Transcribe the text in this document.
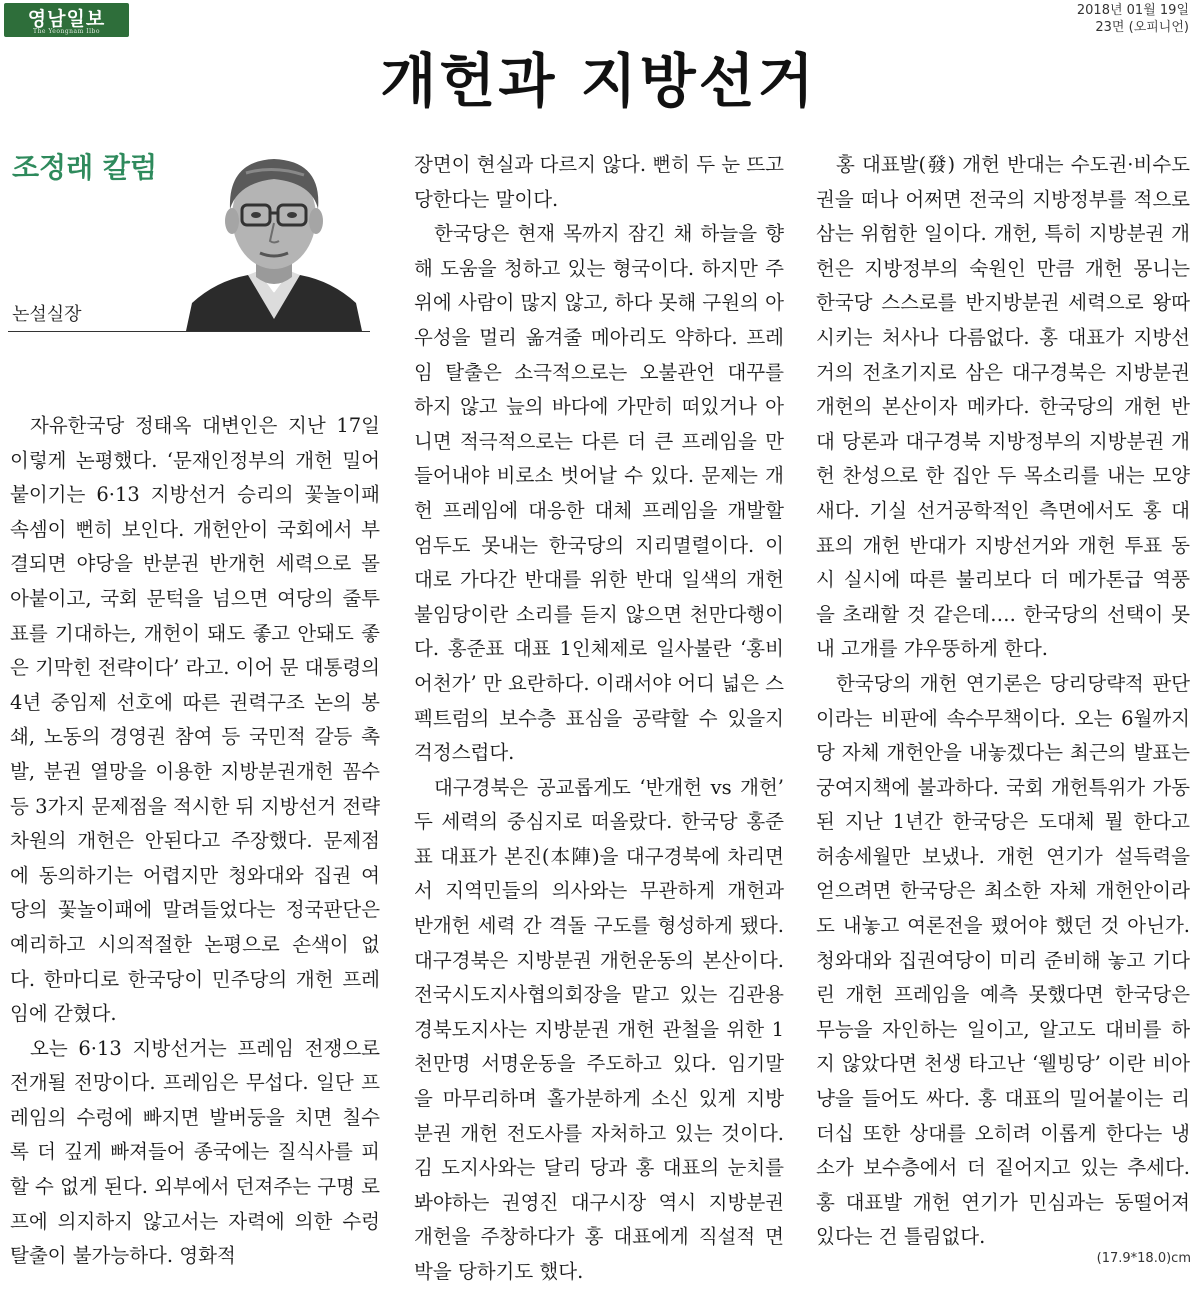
영남일보
The Yeongnam Ilbo
2018년 01월 19일
23면 (오피니언)
개헌과 지방선거
조정래 칼럼
논설실장

자유한국당 정태옥 대변인은 지난 17일 이렇게 논평했다. ‘문재인정부의 개헌 밀어붙이기는 6·13 지방선거 승리의 꽃놀이패 속셈이 뻔히 보인다. 개헌안이 국회에서 부결되면 야당을 반분권 반개헌 세력으로 몰아붙이고, 국회 문턱을 넘으면 여당의 줄투표를 기대하는, 개헌이 돼도 좋고 안돼도 좋은 기막힌 전략이다’ 라고. 이어 문 대통령의 4년 중임제 선호에 따른 권력구조 논의 봉쇄, 노동의 경영권 참여 등 국민적 갈등 촉발, 분권 열망을 이용한 지방분권개헌 꼼수 등 3가지 문제점을 적시한 뒤 지방선거 전략 차원의 개헌은 안된다고 주장했다. 문제점에 동의하기는 어렵지만 청와대와 집권 여당의 꽃놀이패에 말려들었다는 정국판단은 예리하고 시의적절한 논평으로 손색이 없다. 한마디로 한국당이 민주당의 개헌 프레임에 갇혔다.

오는 6·13 지방선거는 프레임 전쟁으로 전개될 전망이다. 프레임은 무섭다. 일단 프레임의 수렁에 빠지면 발버둥을 치면 칠수록 더 깊게 빠져들어 종국에는 질식사를 피할 수 없게 된다. 외부에서 던져주는 구명 로프에 의지하지 않고서는 자력에 의한 수렁 탈출이 불가능하다. 영화적

장면이 현실과 다르지 않다. 뻔히 두 눈 뜨고 당한다는 말이다.

한국당은 현재 목까지 잠긴 채 하늘을 향해 도움을 청하고 있는 형국이다. 하지만 주위에 사람이 많지 않고, 하다 못해 구원의 아우성을 멀리 옮겨줄 메아리도 약하다. 프레임 탈출은 소극적으로는 오불관언 대꾸를 하지 않고 늪의 바다에 가만히 떠있거나 아니면 적극적으로는 다른 더 큰 프레임을 만들어내야 비로소 벗어날 수 있다. 문제는 개헌 프레임에 대응한 대체 프레임을 개발할 엄두도 못내는 한국당의 지리멸렬이다. 이대로 가다간 반대를 위한 반대 일색의 개헌 불임당이란 소리를 듣지 않으면 천만다행이다. 홍준표 대표 1인체제로 일사불란 ‘홍비어천가’ 만 요란하다. 이래서야 어디 넓은 스펙트럼의 보수층 표심을 공략할 수 있을지 걱정스럽다.

대구경북은 공교롭게도 ‘반개헌 vs 개헌’ 두 세력의 중심지로 떠올랐다. 한국당 홍준표 대표가 본진(本陣)을 대구경북에 차리면서 지역민들의 의사와는 무관하게 개헌과 반개헌 세력 간 격돌 구도를 형성하게 됐다. 대구경북은 지방분권 개헌운동의 본산이다. 전국시도지사협의회장을 맡고 있는 김관용 경북도지사는 지방분권 개헌 관철을 위한 1천만명 서명운동을 주도하고 있다. 임기말을 마무리하며 홀가분하게 소신 있게 지방분권 개헌 전도사를 자처하고 있는 것이다. 김 도지사와는 달리 당과 홍 대표의 눈치를 봐야하는 권영진 대구시장 역시 지방분권 개헌을 주창하다가 홍 대표에게 직설적 면박을 당하기도 했다.

홍 대표발(發) 개헌 반대는 수도권·비수도권을 떠나 어쩌면 전국의 지방정부를 적으로 삼는 위험한 일이다. 개헌, 특히 지방분권 개헌은 지방정부의 숙원인 만큼 개헌 몽니는 한국당 스스로를 반지방분권 세력으로 왕따시키는 처사나 다름없다. 홍 대표가 지방선거의 전초기지로 삼은 대구경북은 지방분권 개헌의 본산이자 메카다. 한국당의 개헌 반대 당론과 대구경북 지방정부의 지방분권 개헌 찬성으로 한 집안 두 목소리를 내는 모양새다. 기실 선거공학적인 측면에서도 홍 대표의 개헌 반대가 지방선거와 개헌 투표 동시 실시에 따른 불리보다 더 메가톤급 역풍을 초래할 것 같은데…. 한국당의 선택이 못내 고개를 갸우뚱하게 한다.

한국당의 개헌 연기론은 당리당략적 판단이라는 비판에 속수무책이다. 오는 6월까지 당 자체 개헌안을 내놓겠다는 최근의 발표는 궁여지책에 불과하다. 국회 개헌특위가 가동된 지난 1년간 한국당은 도대체 뭘 한다고 허송세월만 보냈나. 개헌 연기가 설득력을 얻으려면 한국당은 최소한 자체 개헌안이라도 내놓고 여론전을 폈어야 했던 것 아닌가. 청와대와 집권여당이 미리 준비해 놓고 기다린 개헌 프레임을 예측 못했다면 한국당은 무능을 자인하는 일이고, 알고도 대비를 하지 않았다면 천생 타고난 ‘웰빙당’ 이란 비아냥을 들어도 싸다. 홍 대표의 밀어붙이는 리더십 또한 상대를 오히려 이롭게 한다는 냉소가 보수층에서 더 짙어지고 있는 추세다. 홍 대표발 개헌 연기가 민심과는 동떨어져 있다는 건 틀림없다.

(17.9*18.0)cm
